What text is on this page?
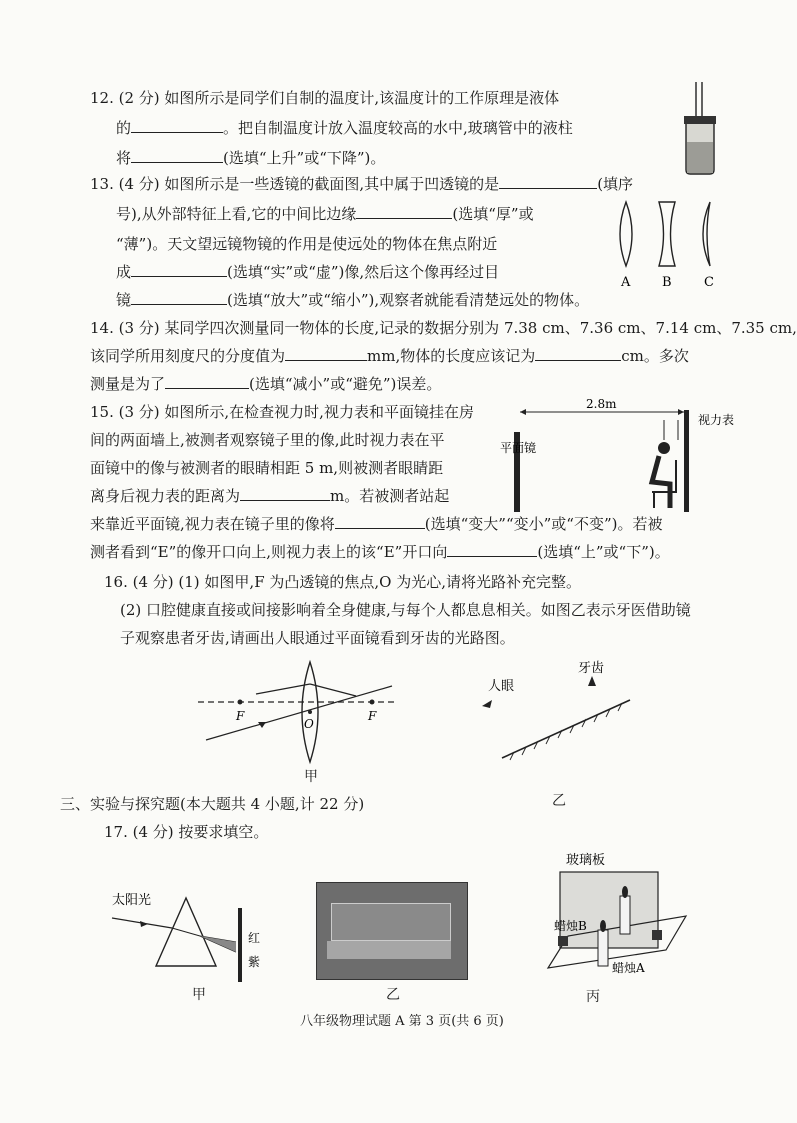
12. (2 分) 如图所示是同学们自制的温度计,该温度计的工作原理是液体
的	。把自制温度计放入温度较高的水中,玻璃管中的液柱
将	(选填“上升”或“下降”)。
13. (4 分) 如图所示是一些透镜的截面图,其中属于凹透镜的是	(填序
号),从外部特征上看,它的中间比边缘	(选填“厚”或
“薄”)。天文望远镜物镜的作用是使远处的物体在焦点附近
成	(选填“实”或“虚”)像,然后这个像再经过目
镜	(选填“放大”或“缩小”),观察者就能看清楚远处的物体。
A B C
14. (3 分) 某同学四次测量同一物体的长度,记录的数据分别为 7.38 cm、7.36 cm、7.14 cm、7.35 cm,
该同学所用刻度尺的分度值为	mm,物体的长度应该记为	cm。多次
测量是为了	(选填“减小”或“避免”)误差。
15. (3 分) 如图所示,在检查视力时,视力表和平面镜挂在房
间的两面墙上,被测者观察镜子里的像,此时视力表在平
面镜中的像与被测者的眼睛相距 5 m,则被测者眼睛距
离身后视力表的距离为	m。若被测者站起
来靠近平面镜,视力表在镜子里的像将	(选填“变大”“变小”或“不变”)。若被
测者看到“E”的像开口向上,则视力表上的该“E”开口向	(选填“上”或“下”)。
平面镜
2.8m
视力表
16. (4 分) (1) 如图甲,F 为凸透镜的焦点,O 为光心,请将光路补充完整。
(2) 口腔健康直接或间接影响着全身健康,与每个人都息息相关。如图乙表示牙医借助镜
子观察患者牙齿,请画出人眼通过平面镜看到牙齿的光路图。
F
O
F
甲
人眼
牙齿
乙
三、实验与探究题(本大题共 4 小题,计 22 分)
17. (4 分) 按要求填空。
太阳光
红
紫
甲	乙
玻璃板
蜡烛B
蜡烛A
丙
八年级物理试题 A 第 3 页(共 6 页)
